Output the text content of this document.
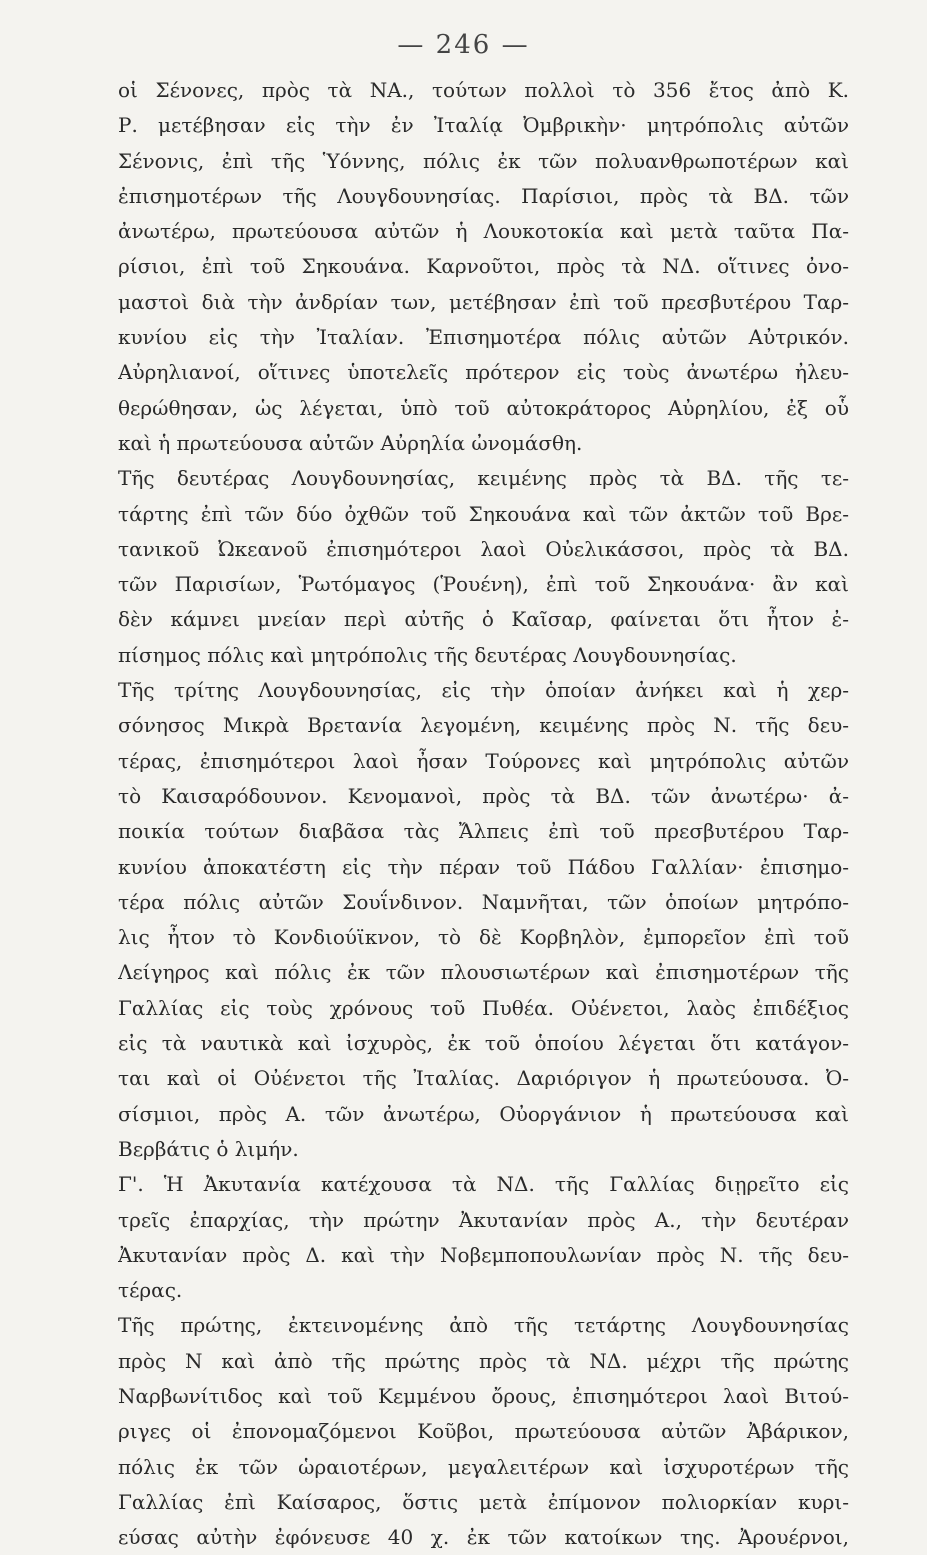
— 246 —
οἱ Σένονες, πρὸς τὰ ΝΑ., τούτων πολλοὶ τὸ 356 ἔτος ἀπὸ Κ.
Ρ. μετέβησαν εἰς τὴν ἐν Ἰταλίᾳ Ὀμβρικὴν· μητρόπολις αὐτῶν
Σένονις, ἐπὶ τῆς Ὑόννης, πόλις ἐκ τῶν πολυανθρωποτέρων καὶ
ἐπισημοτέρων τῆς Λουγδουνησίας. Παρίσιοι, πρὸς τὰ ΒΔ. τῶν
ἀνωτέρω, πρωτεύουσα αὐτῶν ἡ Λουκοτοκία καὶ μετὰ ταῦτα Πα-
ρίσιοι, ἐπὶ τοῦ Σηκουάνα. Καρνοῦτοι, πρὸς τὰ ΝΔ. οἵτινες ὀνο-
μαστοὶ διὰ τὴν ἀνδρίαν των, μετέβησαν ἐπὶ τοῦ πρεσβυτέρου Ταρ-
κυνίου εἰς τὴν Ἰταλίαν. Ἐπισημοτέρα πόλις αὐτῶν Αὐτρικόν.
Αὐρηλιανοί, οἵτινες ὑποτελεῖς πρότερον εἰς τοὺς ἀνωτέρω ἠλευ-
θερώθησαν, ὡς λέγεται, ὑπὸ τοῦ αὐτοκράτορος Αὐρηλίου, ἐξ οὗ
καὶ ἡ πρωτεύουσα αὐτῶν Αὐρηλία ὠνομάσθη.
Τῆς δευτέρας Λουγδουνησίας, κειμένης πρὸς τὰ ΒΔ. τῆς τε-
τάρτης ἐπὶ τῶν δύο ὀχθῶν τοῦ Σηκουάνα καὶ τῶν ἀκτῶν τοῦ Βρε-
τανικοῦ Ὠκεανοῦ ἐπισημότεροι λαοὶ Οὐελικάσσοι, πρὸς τὰ ΒΔ.
τῶν Παρισίων, Ῥωτόμαγος (Ῥουένη), ἐπὶ τοῦ Σηκουάνα· ἂν καὶ
δὲν κάμνει μνείαν περὶ αὐτῆς ὁ Καῖσαρ, φαίνεται ὅτι ἦτον ἐ-
πίσημος πόλις καὶ μητρόπολις τῆς δευτέρας Λουγδουνησίας.
Τῆς τρίτης Λουγδουνησίας, εἰς τὴν ὁποίαν ἀνήκει καὶ ἡ χερ-
σόνησος Μικρὰ Βρετανία λεγομένη, κειμένης πρὸς Ν. τῆς δευ-
τέρας, ἐπισημότεροι λαοὶ ἦσαν Τούρονες καὶ μητρόπολις αὐτῶν
τὸ Καισαρόδουνον. Κενομανοὶ, πρὸς τὰ ΒΔ. τῶν ἀνωτέρω· ἀ-
ποικία τούτων διαβᾶσα τὰς Ἄλπεις ἐπὶ τοῦ πρεσβυτέρου Ταρ-
κυνίου ἀποκατέστη εἰς τὴν πέραν τοῦ Πάδου Γαλλίαν· ἐπισημο-
τέρα πόλις αὐτῶν Σουΐνδινον. Ναμνῆται, τῶν ὁποίων μητρόπο-
λις ἦτον τὸ Κονδιούϊκνον, τὸ δὲ Κορβηλὸν, ἐμπορεῖον ἐπὶ τοῦ
Λείγηρος καὶ πόλις ἐκ τῶν πλουσιωτέρων καὶ ἐπισημοτέρων τῆς
Γαλλίας εἰς τοὺς χρόνους τοῦ Πυθέα. Οὐένετοι, λαὸς ἐπιδέξιος
εἰς τὰ ναυτικὰ καὶ ἰσχυρὸς, ἐκ τοῦ ὁποίου λέγεται ὅτι κατάγον-
ται καὶ οἱ Οὐένετοι τῆς Ἰταλίας. Δαριόριγον ἡ πρωτεύουσα. Ὀ-
σίσμιοι, πρὸς Α. τῶν ἀνωτέρω, Οὐοργάνιον ἡ πρωτεύουσα καὶ
Βερβάτις ὁ λιμήν.
Γ'. Ἡ Ἀκυτανία κατέχουσα τὰ ΝΔ. τῆς Γαλλίας διῃρεῖτο εἰς
τρεῖς ἐπαρχίας, τὴν πρώτην Ἀκυτανίαν πρὸς Α., τὴν δευτέραν
Ἀκυτανίαν πρὸς Δ. καὶ τὴν Νοβεμποπουλωνίαν πρὸς Ν. τῆς δευ-
τέρας.
Τῆς πρώτης, ἐκτεινομένης ἀπὸ τῆς τετάρτης Λουγδουνησίας
πρὸς Ν καὶ ἀπὸ τῆς πρώτης πρὸς τὰ ΝΔ. μέχρι τῆς πρώτης
Ναρβωνίτιδος καὶ τοῦ Κεμμένου ὄρους, ἐπισημότεροι λαοὶ Βιτού-
ριγες οἱ ἐπονομαζόμενοι Κοῦβοι, πρωτεύουσα αὐτῶν Ἀβάρικον,
πόλις ἐκ τῶν ὡραιοτέρων, μεγαλειτέρων καὶ ἰσχυροτέρων τῆς
Γαλλίας ἐπὶ Καίσαρος, ὅστις μετὰ ἐπίμονον πολιορκίαν κυρι-
εύσας αὐτὴν ἐφόνευσε 40 χ. ἐκ τῶν κατοίκων της. Ἀρουέρνοι,
